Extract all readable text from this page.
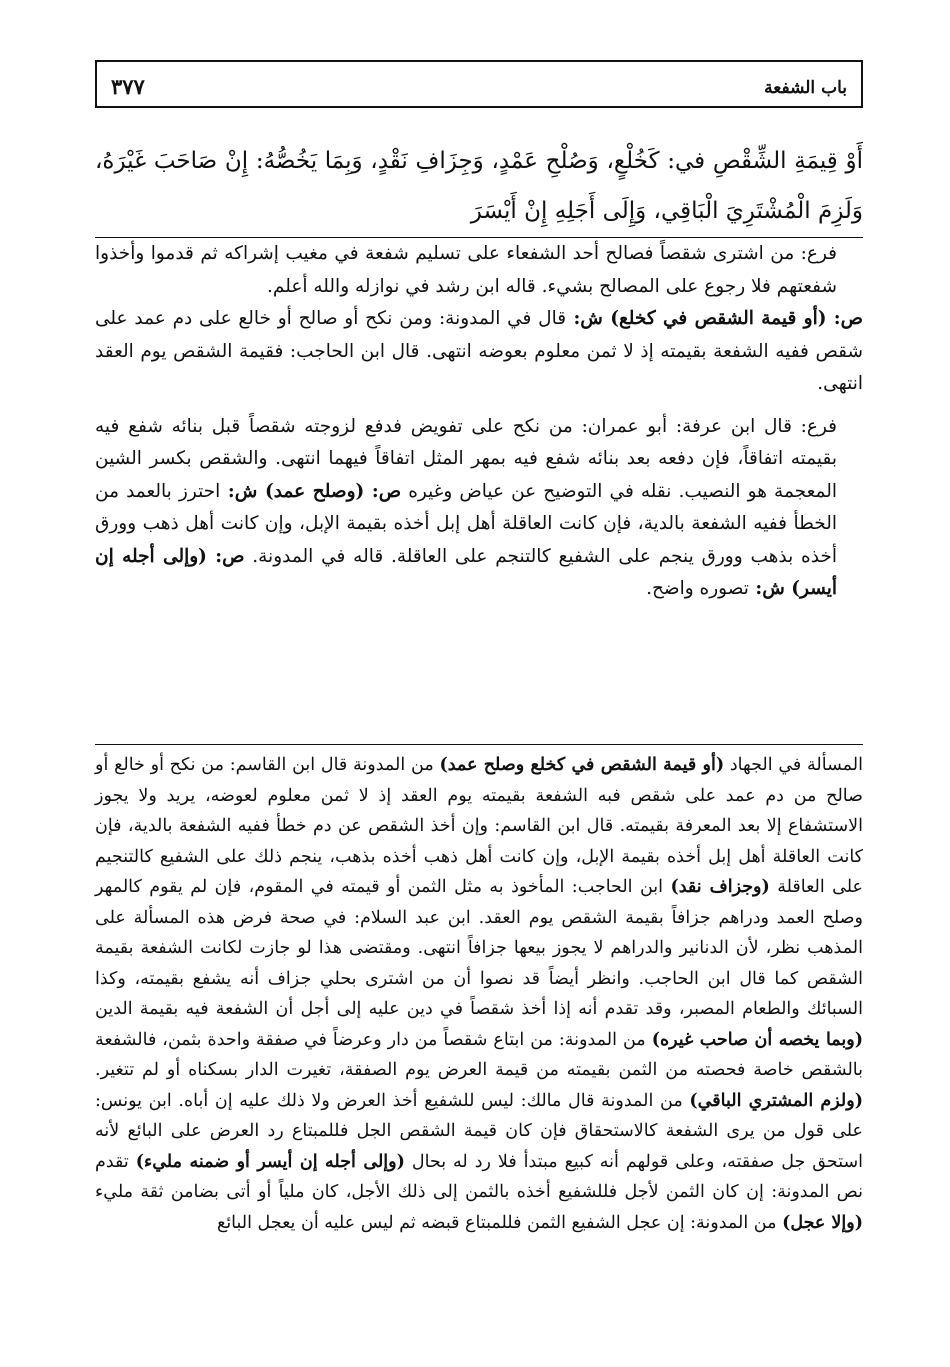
باب الشفعة
٣٧٧
أَوْ قِيمَةِ الشِّقْصِ في: كَخُلْعٍ، وَصُلْحِ عَمْدٍ، وَجِزَافِ نَقْدٍ، وَبِمَا يَخُصُّهُ: إِنْ صَاحَبَ غَيْرَهُ، وَلَزِمَ الْمُشْتَرِيَ الْبَاقِي، وَإِلَى أَجَلِهِ إِنْ أَيْسَرَ

فرع: من اشترى شقصاً فصالح أحد الشفعاء على تسليم شفعة في مغيب إشراكه ثم قدموا وأخذوا شفعتهم فلا رجوع على المصالح بشيء. قاله ابن رشد في نوازله والله أعلم.

ص: (أو قيمة الشقص في كخلع) ش: قال في المدونة: ومن نكح أو صالح أو خالع على دم عمد على شقص ففيه الشفعة بقيمته إذ لا ثمن معلوم بعوضه انتهى. قال ابن الحاجب: فقيمة الشقص يوم العقد انتهى.

فرع: قال ابن عرفة: أبو عمران: من نكح على تفويض فدفع لزوجته شقصاً قبل بنائه شفع فيه بقيمته اتفاقاً، فإن دفعه بعد بنائه شفع فيه بمهر المثل اتفاقاً فيهما انتهى. والشقص بكسر الشين المعجمة هو النصيب. نقله في التوضيح عن عياض وغيره ص: (وصلح عمد) ش: احترز بالعمد من الخطأ ففيه الشفعة بالدية، فإن كانت العاقلة أهل إبل أخذه بقيمة الإبل، وإن كانت أهل ذهب وورق أخذه بذهب وورق ينجم على الشفيع كالتنجم على العاقلة. قاله في المدونة. ص: (وإلى أجله إن أيسر) ش: تصوره واضح.

المسألة في الجهاد (أو قيمة الشقص في كخلع وصلح عمد) من المدونة قال ابن القاسم: من نكح أو خالع أو صالح من دم عمد على شقص فبه الشفعة بقيمته يوم العقد إذ لا ثمن معلوم لعوضه، يريد ولا يجوز الاستشفاع إلا بعد المعرفة بقيمته. قال ابن القاسم: وإن أخذ الشقص عن دم خطأ ففيه الشفعة بالدية، فإن كانت العاقلة أهل إبل أخذه بقيمة الإبل، وإن كانت أهل ذهب أخذه بذهب، ينجم ذلك على الشفيع كالتنجيم على العاقلة (وجزاف نقد) ابن الحاجب: المأخوذ به مثل الثمن أو قيمته في المقوم، فإن لم يقوم كالمهر وصلح العمد ودراهم جزافاً بقيمة الشقص يوم العقد. ابن عبد السلام: في صحة فرض هذه المسألة على المذهب نظر، لأن الدنانير والدراهم لا يجوز بيعها جزافاً انتهى. ومقتضى هذا لو جازت لكانت الشفعة بقيمة الشقص كما قال ابن الحاجب. وانظر أيضاً قد نصوا أن من اشترى بحلي جزاف أنه يشفع بقيمته، وكذا السبائك والطعام المصبر، وقد تقدم أنه إذا أخذ شقصاً في دين عليه إلى أجل أن الشفعة فيه بقيمة الدين (وبما يخصه أن صاحب غيره) من المدونة: من ابتاع شقصاً من دار وعرضاً في صفقة واحدة بثمن، فالشفعة بالشقص خاصة فحصته من الثمن بقيمته من قيمة العرض يوم الصفقة، تغيرت الدار بسكناه أو لم تتغير. (ولزم المشتري الباقي) من المدونة قال مالك: ليس للشفيع أخذ العرض ولا ذلك عليه إن أباه. ابن يونس: على قول من يرى الشفعة كالاستحقاق فإن كان قيمة الشقص الجل فللمبتاع رد العرض على البائع لأنه استحق جل صفقته، وعلى قولهم أنه كبيع مبتدأ فلا رد له بحال (وإلى أجله إن أيسر أو ضمنه مليء) تقدم نص المدونة: إن كان الثمن لأجل فللشفيع أخذه بالثمن إلى ذلك الأجل، كان ملياً أو أتى بضامن ثقة مليء (وإلا عجل) من المدونة: إن عجل الشفيع الثمن فللمبتاع قبضه ثم ليس عليه أن يعجل البائع
